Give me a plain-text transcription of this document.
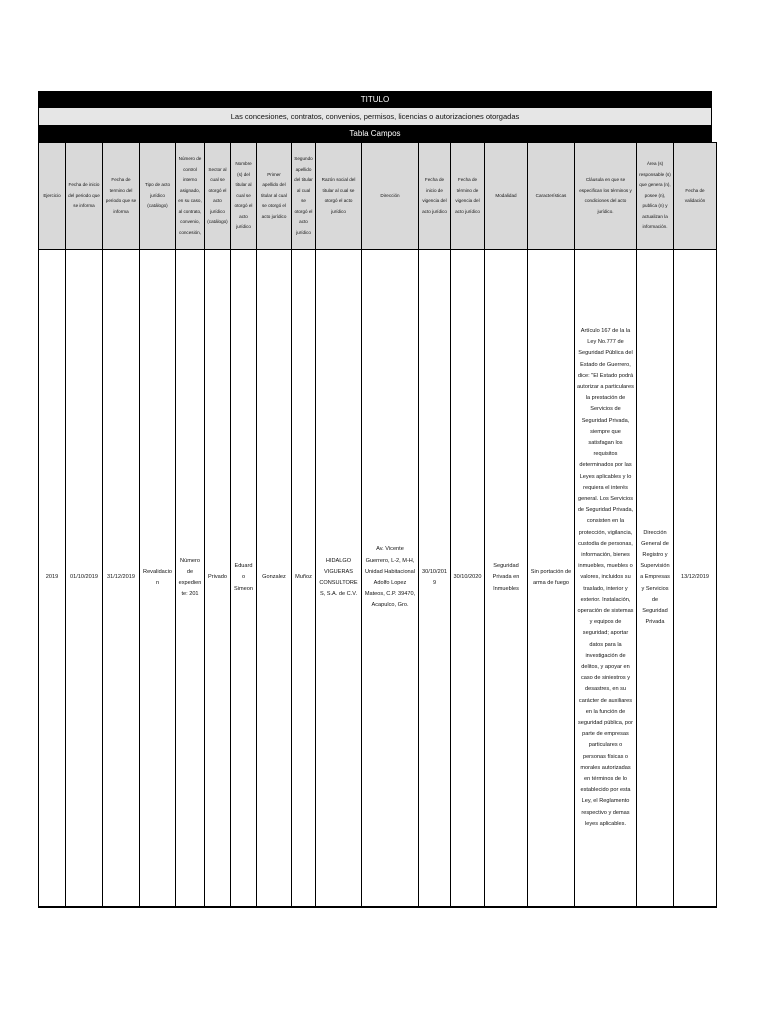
TITULO
Las concesiones, contratos, convenios, permisos, licencias o autorizaciones otorgadas
Tabla Campos
Ejercicio	Fecha de inicio del periodo que se informa	Fecha de termino del periodo que se informa	Tipo de acto jurídico (catálogo)	Número de control interno asignado, en su caso, al contrato, convenio, concesión,	Sector al cual se otorgó el acto jurídico (catálogo)	Nombre (s) del titular al cual se otorgó el acto jurídico	Primer apellido del titular al cual se otorgó el acto jurídico	Segundo apellido del titular al cual se otorgó el acto jurídico	Razón social del titular al cual se otorgó el acto jurídico	Dirección	Fecha de inicio de vigencia del acto jurídico	Fecha de término de vigencia del acto jurídico	Modalidad	Características	Cláusula en que se especifican los términos y condiciones del acto jurídico.	Área (s) responsable (s) que genera (n), posee (n), publica (n) y actualizan la información.	Fecha de validación
2019	01/10/2019	31/12/2019	Revalidacion	Número de expediente: 201	Privado	Eduardo Simeon	Gonzalez	Muñoz	HIDALGO VIGUERAS CONSULTORES, S.A. de C.V.	Av. Vicente Guerrero, L-2, M-H, Unidad Habitacional Adolfo Lopez Mateos, C.P. 39470, Acapulco, Gro.	30/10/2019	30/10/2020	Seguridad Privada en Inmuebles	Sin portación de arma de fuego	Artículo 167 de la la Ley No.777 de Seguridad Pública del Estado de Guerrero, dice: "El Estado podrá autorizar a particulares la prestación de Servicios de Seguridad Privada, siempre que satisfagan los requisitos determinados por las Leyes aplicables y lo requiera el interés general. Los Servicios de Seguridad Privada, consisten en la protección, vigilancia, custodia de personas, información, bienes inmuebles, muebles o valores, incluidos su traslado, interior y exterior. Instalación, operación de sistemas y equipos de seguridad; aportar datos para la investigación de delitos, y apoyar en caso de siniestros y desastres, en su carácter de auxiliares en la función de seguridad pública, por parte de empresas particulares o personas físicas o morales autorizadas en términos de lo establecido por esta Ley, el Reglamento respectivo y demas leyes aplicables.	Dirección General de Registro y Supervisión a Empresas y Servicios de Seguridad Privada	13/12/2019
